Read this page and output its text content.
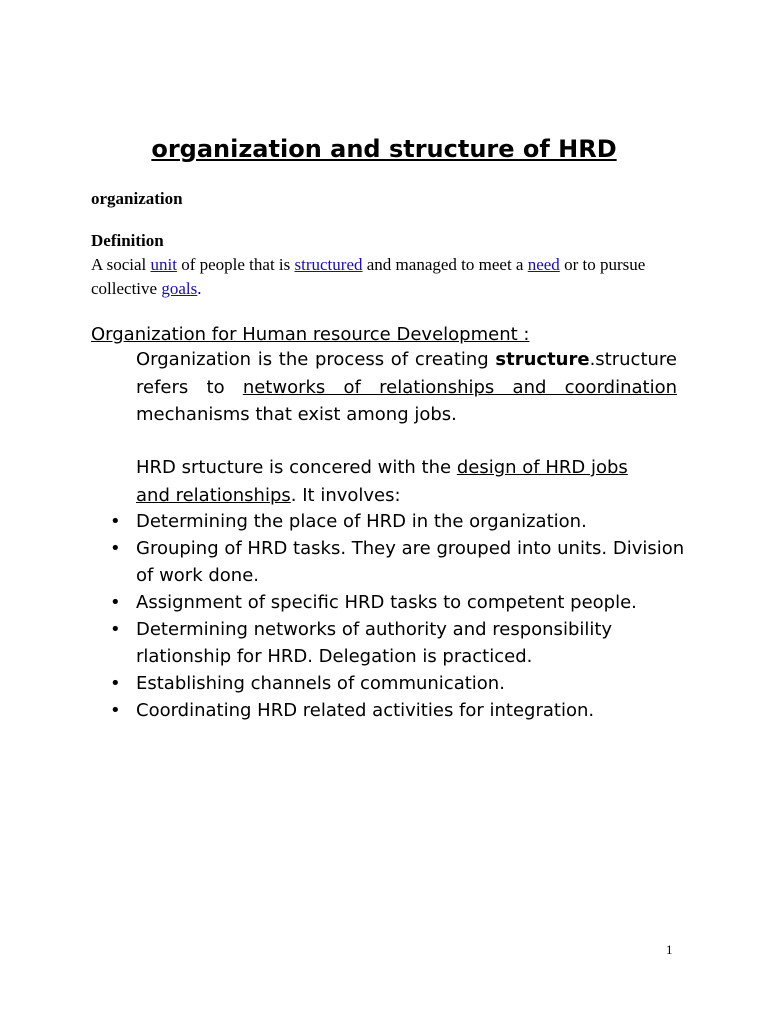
organization and structure of HRD

organization

Definition

A social unit of people that is structured and managed to meet a need or to pursue collective goals.

Organization for Human resource Development :

Organization is the process of creating structure.structure refers to networks of relationships and coordination mechanisms that exist among jobs.

HRD srtucture is concered with the design of HRD jobs and relationships. It involves:

• Determining the place of HRD in the organization.
• Grouping of HRD tasks. They are grouped into units. Division of work done.
• Assignment of specific HRD tasks to competent people.
• Determining networks of authority and responsibility rlationship for HRD. Delegation is practiced.
• Establishing channels of communication.
• Coordinating HRD related activities for integration.

1
